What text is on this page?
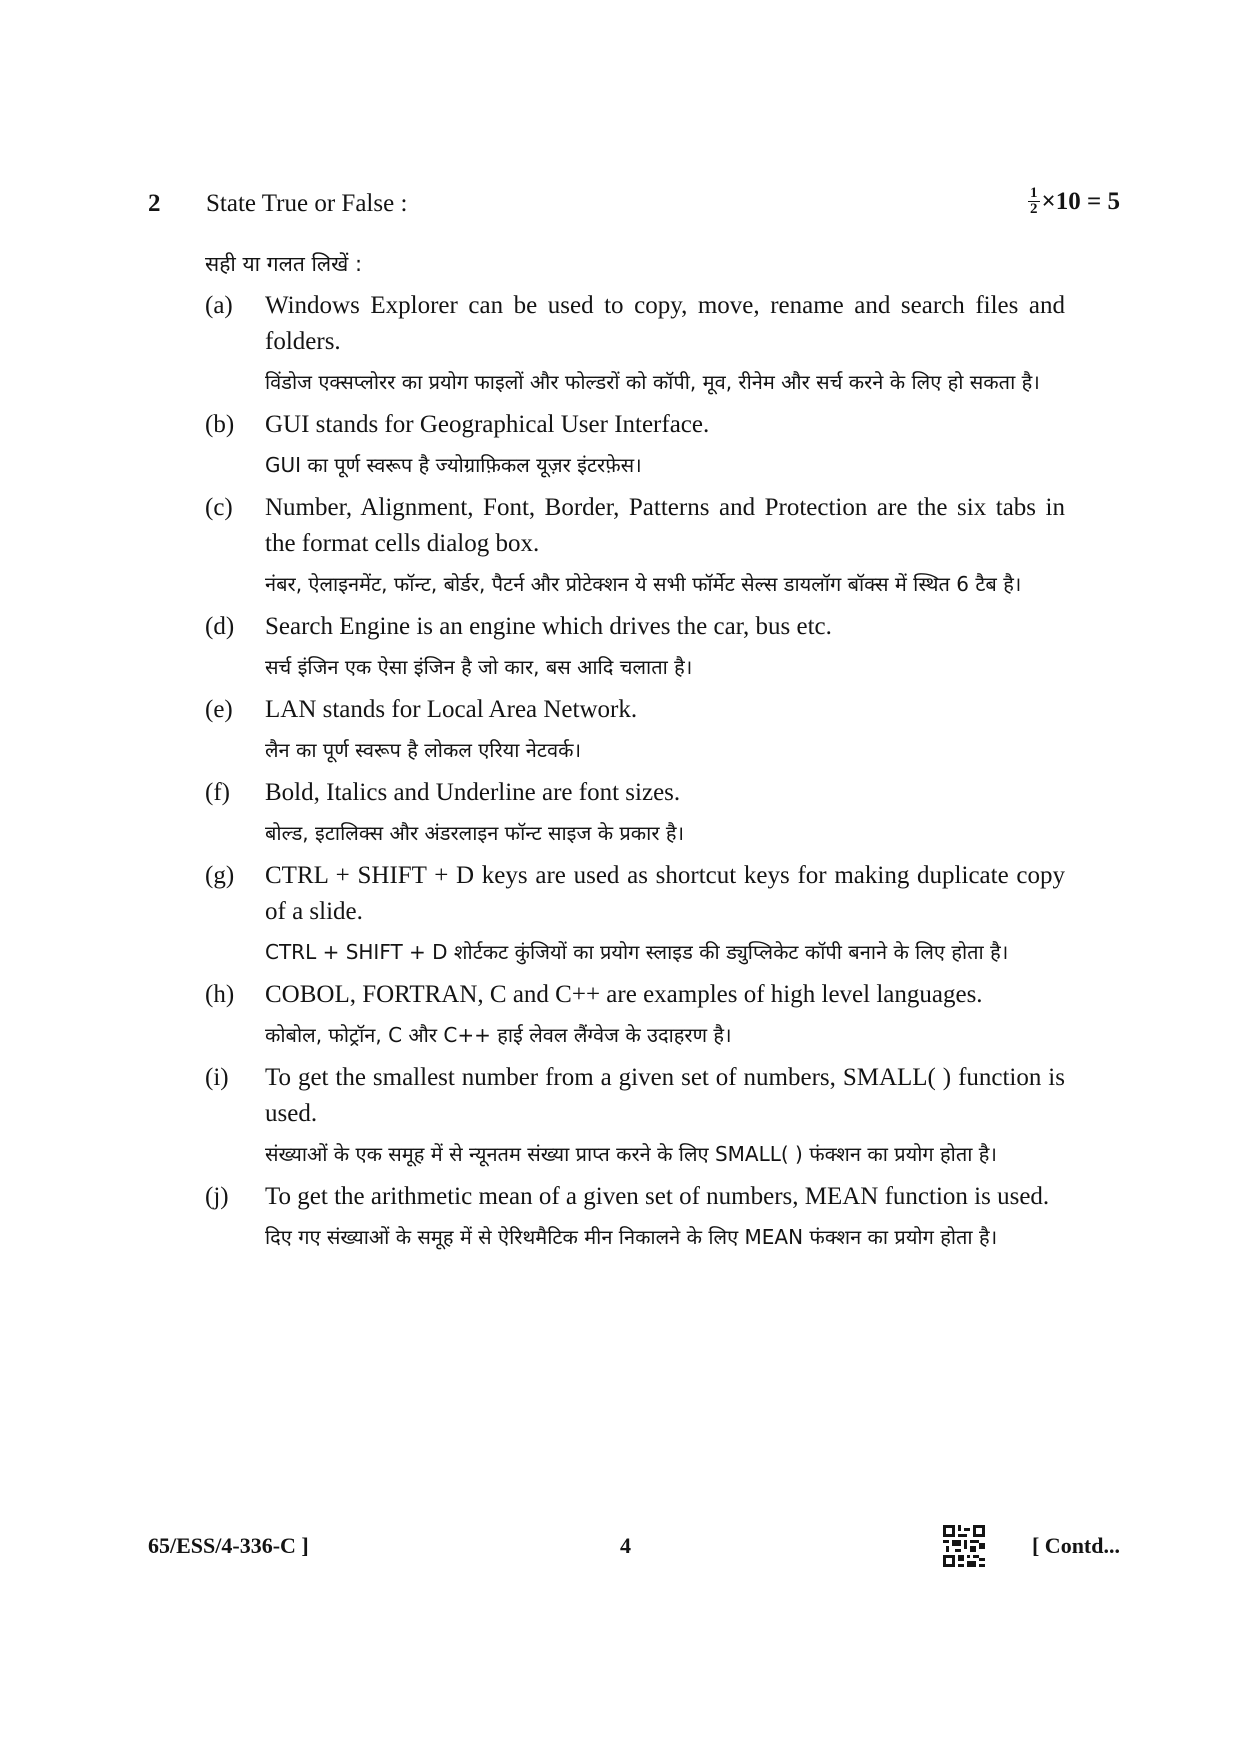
2 State True or False :	$\frac{1}{2} \times 10 = 5$
सही या गलत लिखें :
(a) Windows Explorer can be used to copy, move, rename and search files and folders.
विंडोज एक्सप्लोरर का प्रयोग फाइलों और फोल्डरों को कॉपी, मूव, रीनेम और सर्च करने के लिए हो सकता है।
(b) GUI stands for Geographical User Interface.
GUI का पूर्ण स्वरूप है ज्योग्राफ़िकल यूज़र इंटरफ़ेस।
(c) Number, Alignment, Font, Border, Patterns and Protection are the six tabs in the format cells dialog box.
नंबर, ऐलाइनमेंट, फॉन्ट, बोर्डर, पैटर्न और प्रोटेक्शन ये सभी फॉर्मेट सेल्स डायलॉग बॉक्स में स्थित 6 टैब है।
(d) Search Engine is an engine which drives the car, bus etc.
सर्च इंजिन एक ऐसा इंजिन है जो कार, बस आदि चलाता है।
(e) LAN stands for Local Area Network.
लैन का पूर्ण स्वरूप है लोकल एरिया नेटवर्क।
(f) Bold, Italics and Underline are font sizes.
बोल्ड, इटालिक्स और अंडरलाइन फॉन्ट साइज के प्रकार है।
(g) CTRL + SHIFT + D keys are used as shortcut keys for making duplicate copy of a slide.
CTRL + SHIFT + D शोर्टकट कुंजियों का प्रयोग स्लाइड की ड्युप्लिकेट कॉपी बनाने के लिए होता है।
(h) COBOL, FORTRAN, C and C++ are examples of high level languages.
कोबोल, फोट्रॉन, C और C++ हाई लेवल लैंग्वेज के उदाहरण है।
(i) To get the smallest number from a given set of numbers, SMALL( ) function is used.
संख्याओं के एक समूह में से न्यूनतम संख्या प्राप्त करने के लिए SMALL( ) फंक्शन का प्रयोग होता है।
(j) To get the arithmetic mean of a given set of numbers, MEAN function is used.
दिए गए संख्याओं के समूह में से ऐरिथमैटिक मीन निकालने के लिए MEAN फंक्शन का प्रयोग होता है।
65/ESS/4-336-C ]	4	[ Contd...
